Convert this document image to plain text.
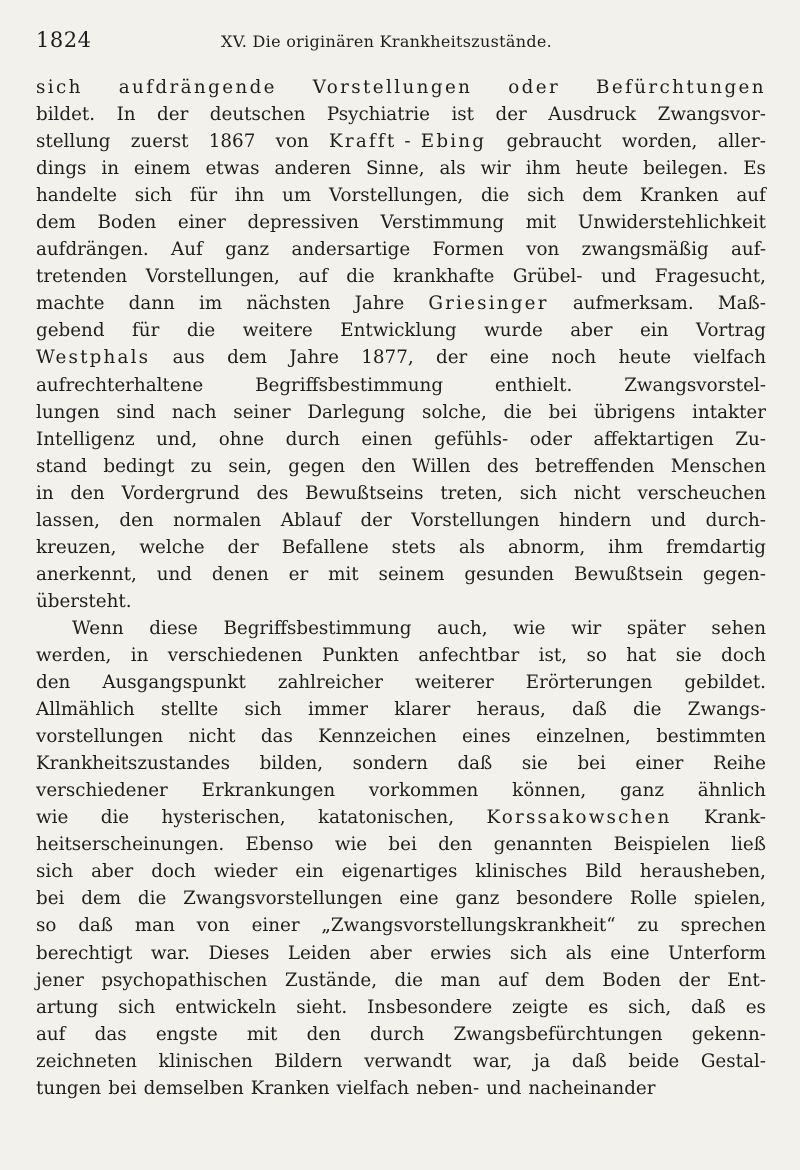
1824	XV. Die originären Krankheitszustände.
sich aufdrängende Vorstellungen oder Befürchtungen
bildet. In der deutschen Psychiatrie ist der Ausdruck Zwangsvor-
stellung zuerst 1867 von Krafft - Ebing gebraucht worden, aller-
dings in einem etwas anderen Sinne, als wir ihm heute beilegen. Es
handelte sich für ihn um Vorstellungen, die sich dem Kranken auf
dem Boden einer depressiven Verstimmung mit Unwiderstehlichkeit
aufdrängen. Auf ganz andersartige Formen von zwangsmäßig auf-
tretenden Vorstellungen, auf die krankhafte Grübel- und Fragesucht,
machte dann im nächsten Jahre Griesinger aufmerksam. Maß-
gebend für die weitere Entwicklung wurde aber ein Vortrag
Westphals aus dem Jahre 1877, der eine noch heute vielfach
aufrechterhaltene	Begriffsbestimmung	enthielt.	Zwangsvorstel-
lungen sind nach seiner Darlegung solche, die bei übrigens intakter
Intelligenz und, ohne durch einen gefühls- oder affektartigen Zu-
stand bedingt zu sein, gegen den Willen des betreffenden Menschen
in den Vordergrund des Bewußtseins treten, sich nicht verscheuchen
lassen, den normalen Ablauf der Vorstellungen hindern und durch-
kreuzen, welche der Befallene stets als abnorm, ihm fremdartig
anerkennt, und denen er mit seinem gesunden Bewußtsein gegen-
übersteht.
Wenn diese Begriffsbestimmung auch, wie wir später sehen
werden, in verschiedenen Punkten anfechtbar ist, so hat sie doch
den Ausgangspunkt zahlreicher weiterer Erörterungen gebildet.
Allmählich stellte sich immer klarer heraus, daß die Zwangs-
vorstellungen nicht das Kennzeichen eines einzelnen, bestimmten
Krankheitszustandes bilden, sondern daß sie bei einer Reihe
verschiedener Erkrankungen vorkommen können, ganz ähnlich
wie die hysterischen, katatonischen, Korssakowschen Krank-
heitserscheinungen. Ebenso wie bei den genannten Beispielen ließ
sich aber doch wieder ein eigenartiges klinisches Bild herausheben,
bei dem die Zwangsvorstellungen eine ganz besondere Rolle spielen,
so daß man von einer „Zwangsvorstellungskrankheit“ zu sprechen
berechtigt war. Dieses Leiden aber erwies sich als eine Unterform
jener psychopathischen Zustände, die man auf dem Boden der Ent-
artung sich entwickeln sieht. Insbesondere zeigte es sich, daß es
auf das engste mit den durch Zwangsbefürchtungen gekenn-
zeichneten klinischen Bildern verwandt war, ja daß beide Gestal-
tungen bei demselben Kranken vielfach neben- und nacheinander
